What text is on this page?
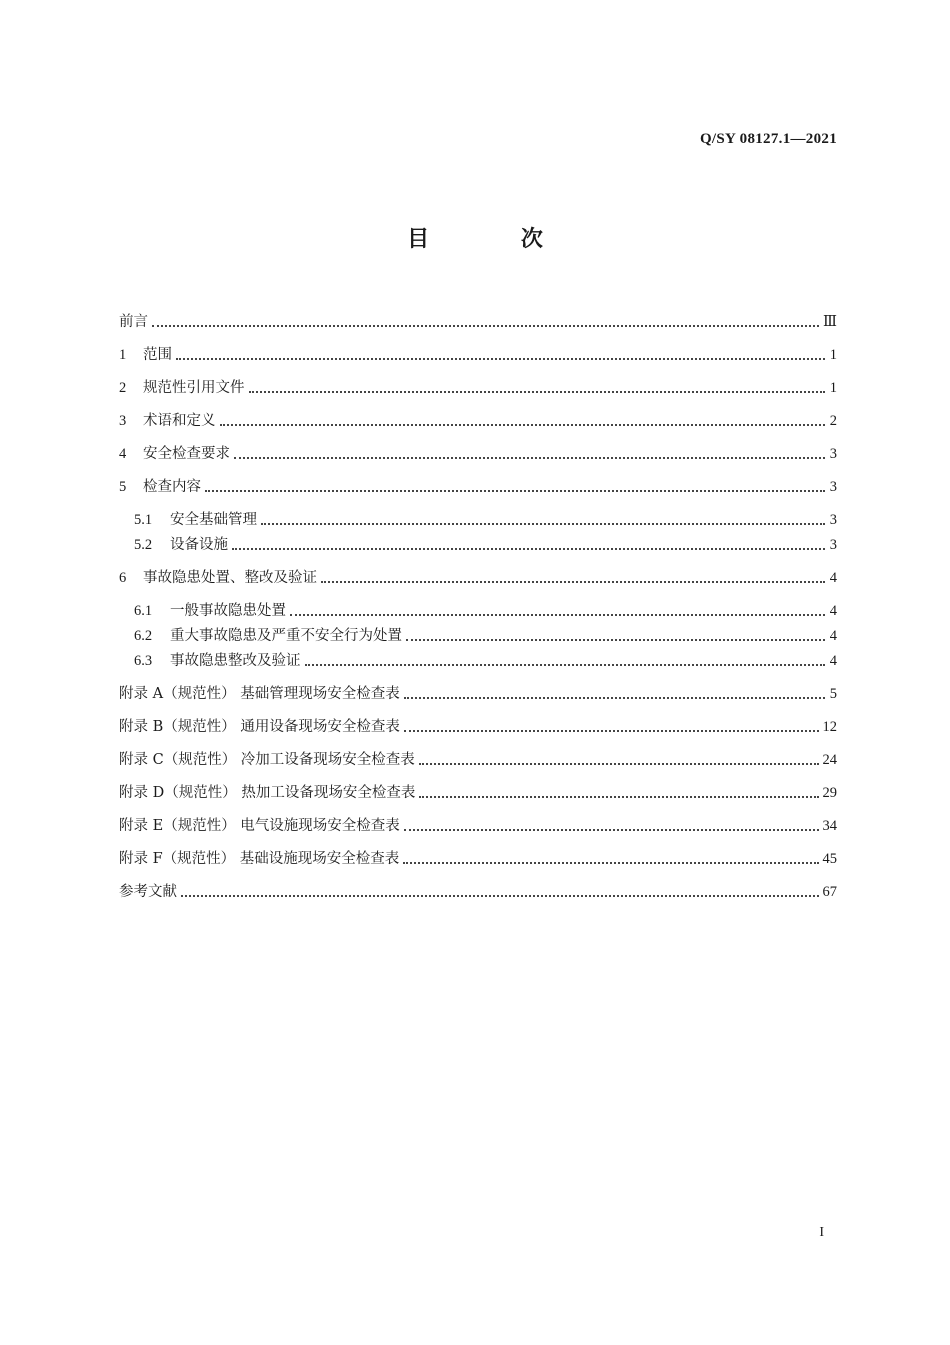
Q/SY 08127.1—2021
目 次
前言	Ⅲ
1	范围	1
2	规范性引用文件	1
3	术语和定义	2
4	安全检查要求	3
5	检查内容	3
5.1	安全基础管理	3
5.2	设备设施	3
6	事故隐患处置、整改及验证	4
6.1	一般事故隐患处置	4
6.2	重大事故隐患及严重不安全行为处置	4
6.3	事故隐患整改及验证	4
附录 A（规范性） 基础管理现场安全检查表	5
附录 B（规范性） 通用设备现场安全检查表	12
附录 C（规范性） 冷加工设备现场安全检查表	24
附录 D（规范性） 热加工设备现场安全检查表	29
附录 E（规范性） 电气设施现场安全检查表	34
附录 F（规范性） 基础设施现场安全检查表	45
参考文献	67
I
